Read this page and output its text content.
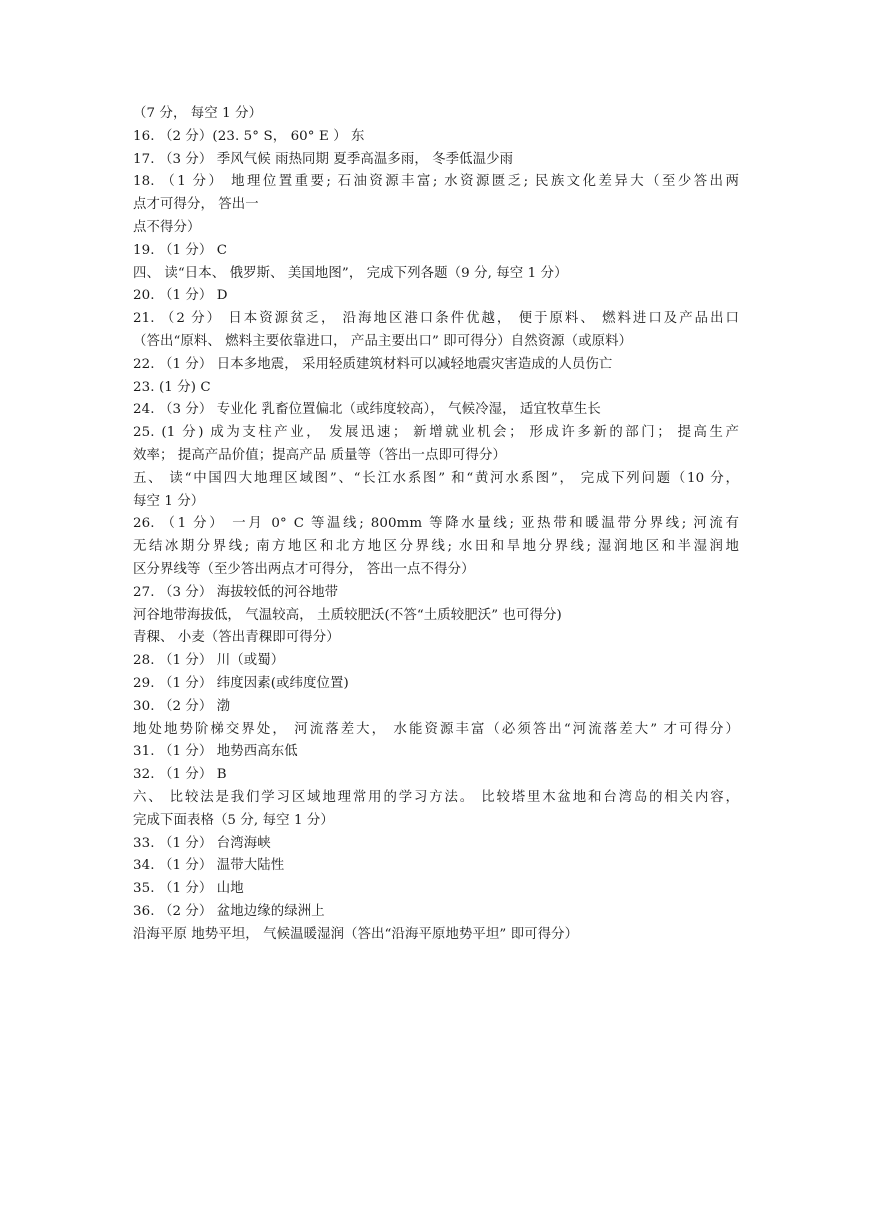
（7 分， 每空 1 分）
16. （2 分）(23. 5° S， 60° E ） 东
17. （3 分） 季风气候 雨热同期 夏季高温多雨， 冬季低温少雨
18. （1 分） 地理位置重要; 石油资源丰富; 水资源匮乏; 民族文化差异大（至少答出两
点才可得分， 答出一
点不得分）
19. （1 分） C
四、 读“日本、 俄罗斯、 美国地图”， 完成下列各题（9 分, 每空 1 分）
20. （1 分） D
21. （2 分） 日本资源贫乏， 沿海地区港口条件优越， 便于原料、 燃料进口及产品出口
（答出“原料、 燃料主要依靠进口， 产品主要出口” 即可得分）自然资源（或原料）
22. （1 分） 日本多地震， 采用轻质建筑材料可以减轻地震灾害造成的人员伤亡
23. (1 分) C
24. （3 分） 专业化 乳畜位置偏北（或纬度较高）， 气候冷湿， 适宜牧草生长
25. (1 分) 成为支柱产业， 发展迅速； 新增就业机会； 形成许多新的部门； 提高生产
效率； 提高产品价值；提高产品 质量等（答出一点即可得分）
五、 读“中国四大地理区域图”、“长江水系图” 和“黄河水系图”， 完成下列问题（10 分，
每空 1 分）
26. （1 分） 一月 0° C 等温线; 800mm 等降水量线; 亚热带和暖温带分界线; 河流有
无结冰期分界线; 南方地区和北方地区分界线; 水田和旱地分界线; 湿润地区和半湿润地
区分界线等（至少答出两点才可得分， 答出一点不得分）
27. （3 分） 海拔较低的河谷地带
河谷地带海拔低， 气温较高， 土质较肥沃(不答“土质较肥沃” 也可得分)
青稞、 小麦（答出青稞即可得分）
28. （1 分） 川（或蜀）
29. （1 分） 纬度因素(或纬度位置)
30. （2 分） 渤
地处地势阶梯交界处， 河流落差大， 水能资源丰富（必须答出“河流落差大” 才可得分）
31. （1 分） 地势西高东低
32. （1 分） B
六、 比较法是我们学习区域地理常用的学习方法。 比较塔里木盆地和台湾岛的相关内容，
完成下面表格（5 分, 每空 1 分）
33. （1 分） 台湾海峡
34. （1 分） 温带大陆性
35. （1 分） 山地
36. （2 分） 盆地边缘的绿洲上
沿海平原 地势平坦， 气候温暖湿润（答出“沿海平原地势平坦” 即可得分）
